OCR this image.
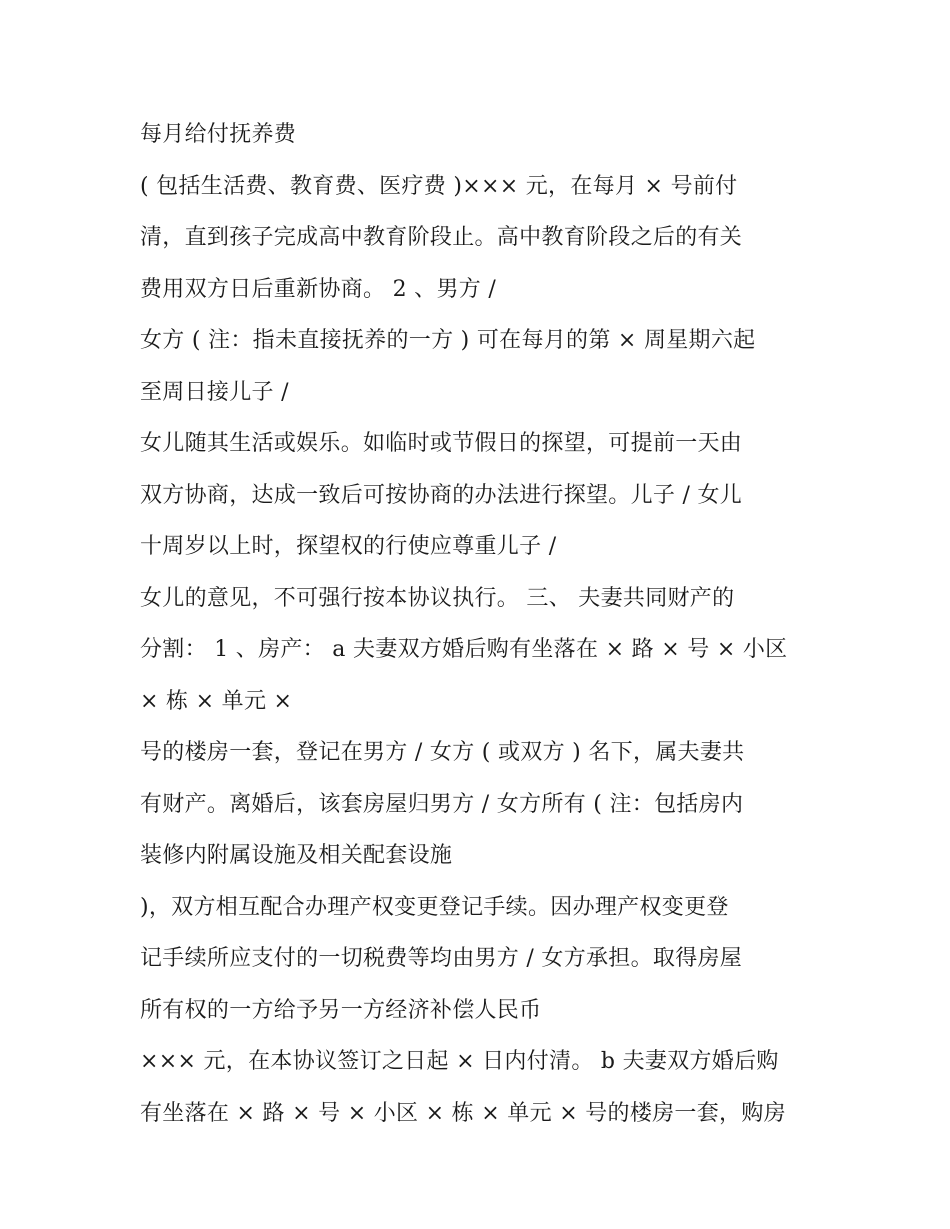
每月给付抚养费
( 包括生活费、教育费、医疗费 )××× 元，在每月 × 号前付
清，直到孩子完成高中教育阶段止。高中教育阶段之后的有关
费用双方日后重新协商。 2 、男方 /
女方 ( 注：指未直接抚养的一方 ) 可在每月的第 × 周星期六起
至周日接儿子 /
女儿随其生活或娱乐。如临时或节假日的探望，可提前一天由
双方协商，达成一致后可按协商的办法进行探望。儿子 / 女儿
十周岁以上时，探望权的行使应尊重儿子 /
女儿的意见，不可强行按本协议执行。 三、 夫妻共同财产的
分割： 1 、房产： a 夫妻双方婚后购有坐落在 × 路 × 号 × 小区
× 栋 × 单元 ×
号的楼房一套，登记在男方 / 女方 ( 或双方 ) 名下，属夫妻共
有财产。离婚后，该套房屋归男方 / 女方所有 ( 注：包括房内
装修内附属设施及相关配套设施
)，双方相互配合办理产权变更登记手续。因办理产权变更登
记手续所应支付的一切税费等均由男方 / 女方承担。取得房屋
所有权的一方给予另一方经济补偿人民币
××× 元，在本协议签订之日起 × 日内付清。 b 夫妻双方婚后购
有坐落在 × 路 × 号 × 小区 × 栋 × 单元 × 号的楼房一套，购房
